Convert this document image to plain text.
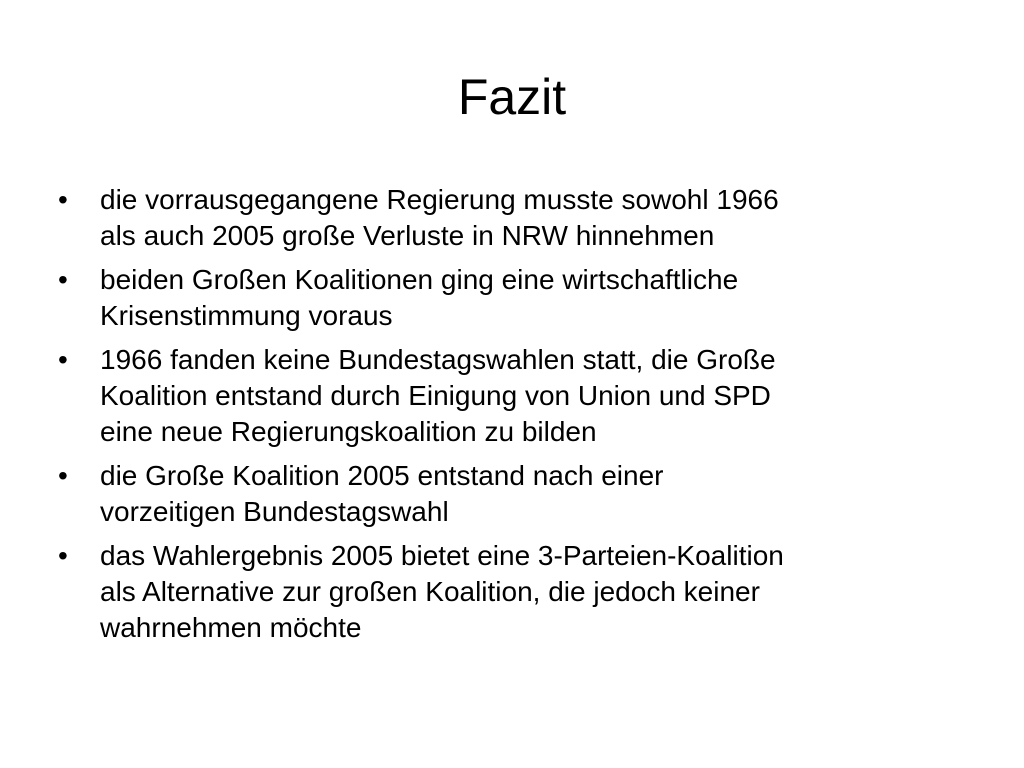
Fazit
• die vorrausgegangene Regierung musste sowohl 1966
als auch 2005 große Verluste in NRW hinnehmen
• beiden Großen Koalitionen ging eine wirtschaftliche
Krisenstimmung voraus
• 1966 fanden keine Bundestagswahlen statt, die Große
Koalition entstand durch Einigung von Union und SPD
eine neue Regierungskoalition zu bilden
• die Große Koalition 2005 entstand nach einer
vorzeitigen Bundestagswahl
• das Wahlergebnis 2005 bietet eine 3-Parteien-Koalition
als Alternative zur großen Koalition, die jedoch keiner
wahrnehmen möchte
